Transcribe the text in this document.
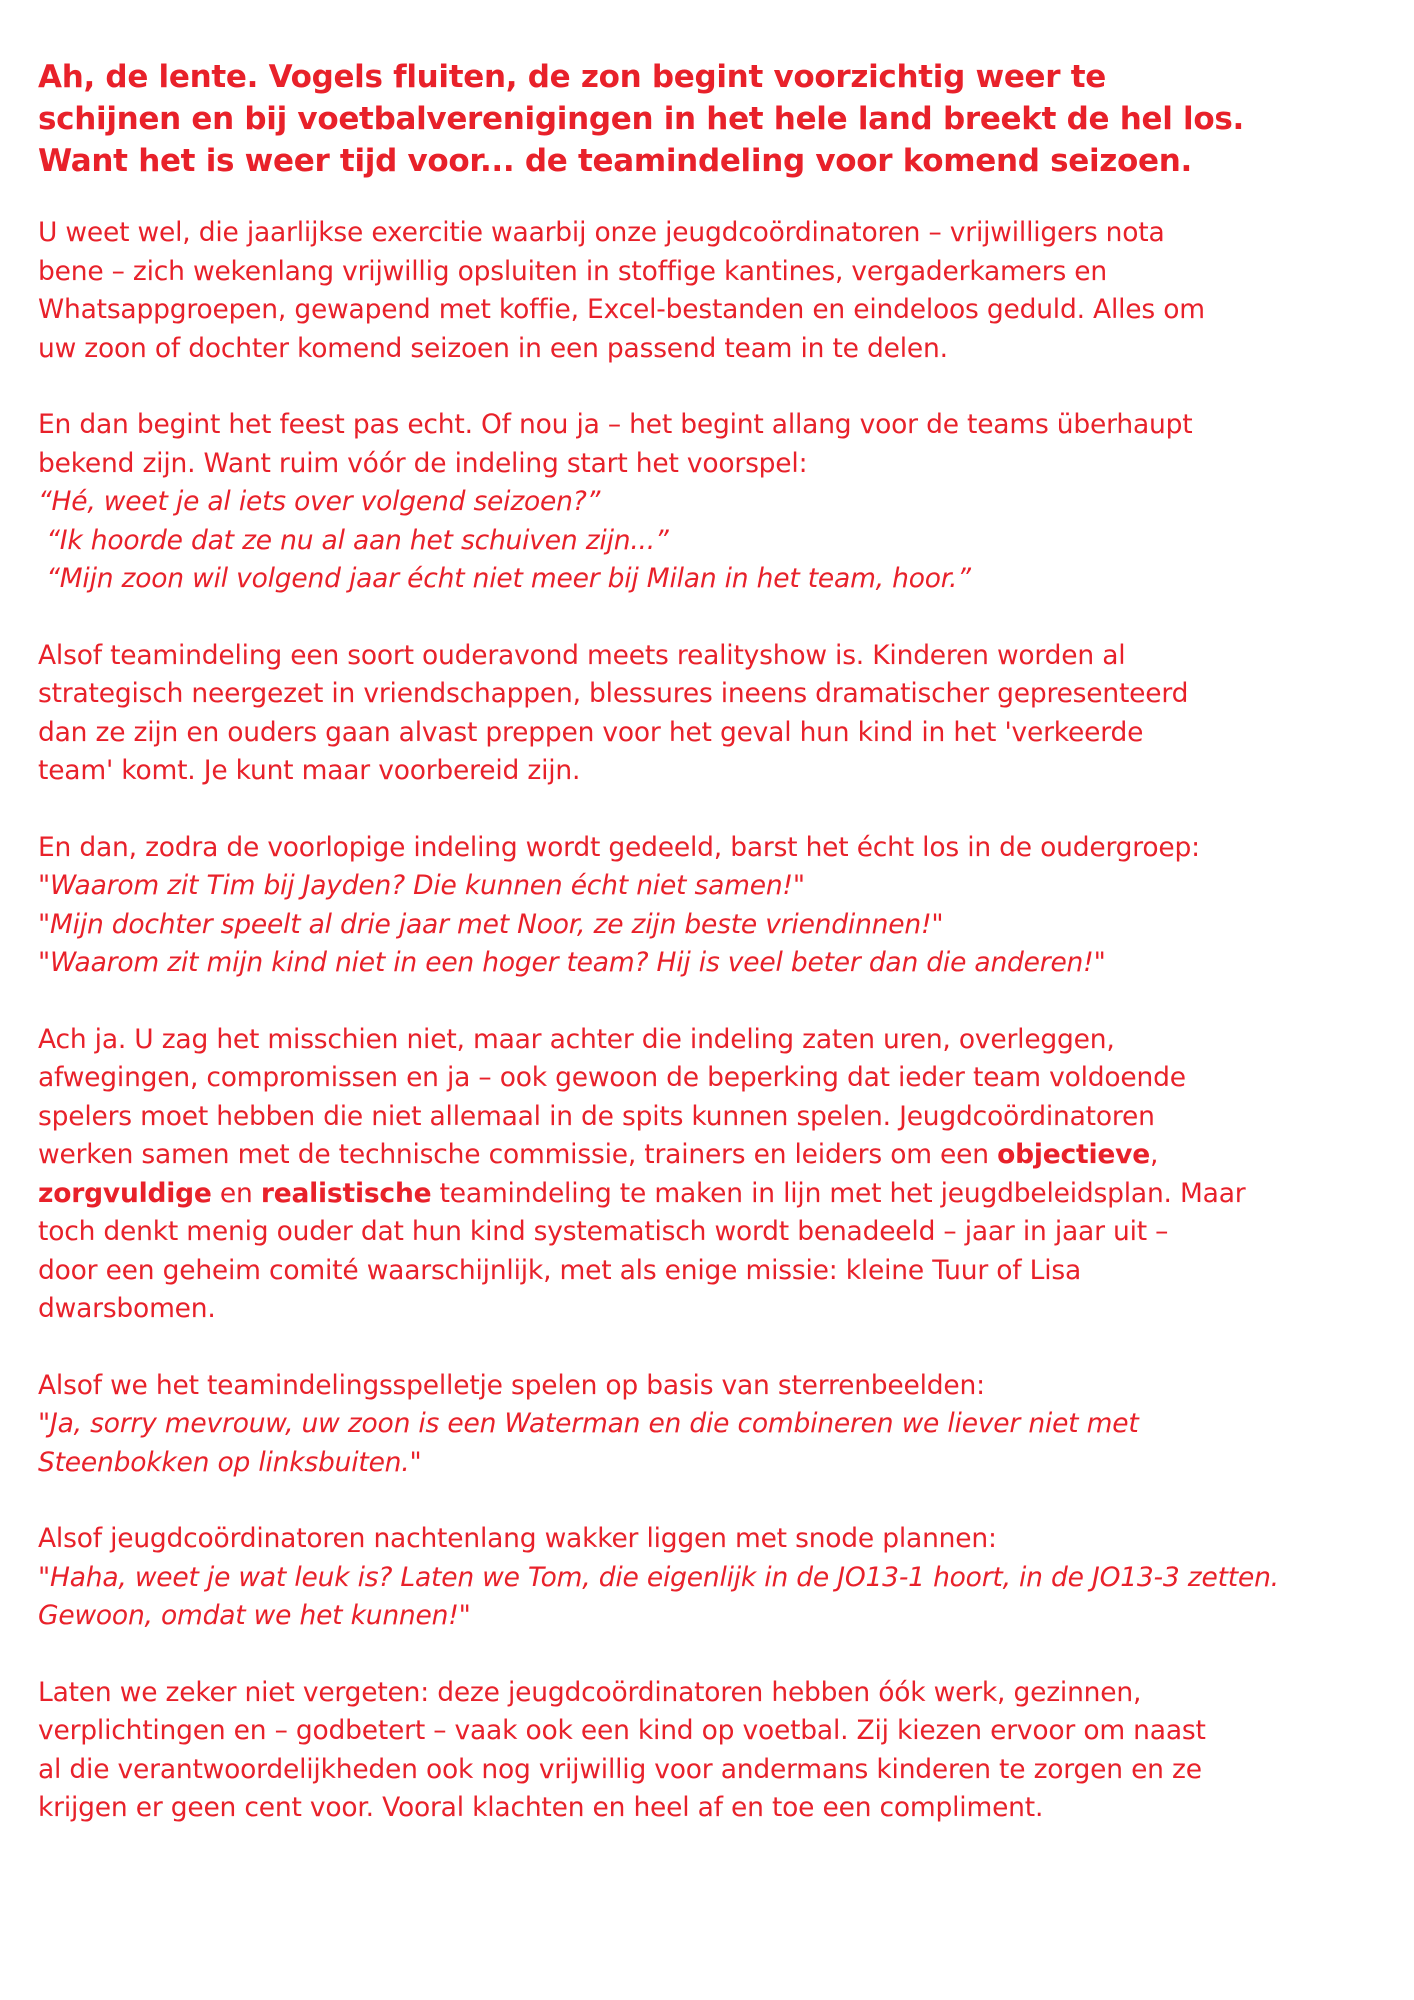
Ah, de lente. Vogels fluiten, de zon begint voorzichtig weer te
schijnen en bij voetbalverenigingen in het hele land breekt de hel los.
Want het is weer tijd voor... de teamindeling voor komend seizoen.
U weet wel, die jaarlijkse exercitie waarbij onze jeugdcoördinatoren – vrijwilligers nota
bene – zich wekenlang vrijwillig opsluiten in stoffige kantines, vergaderkamers en
Whatsappgroepen, gewapend met koffie, Excel-bestanden en eindeloos geduld. Alles om
uw zoon of dochter komend seizoen in een passend team in te delen.
En dan begint het feest pas echt. Of nou ja – het begint allang voor de teams überhaupt
bekend zijn. Want ruim vóór de indeling start het voorspel:
“Hé, weet je al iets over volgend seizoen?”
“Ik hoorde dat ze nu al aan het schuiven zijn...”
“Mijn zoon wil volgend jaar écht niet meer bij Milan in het team, hoor.”
Alsof teamindeling een soort ouderavond meets realityshow is. Kinderen worden al
strategisch neergezet in vriendschappen, blessures ineens dramatischer gepresenteerd
dan ze zijn en ouders gaan alvast preppen voor het geval hun kind in het 'verkeerde
team' komt. Je kunt maar voorbereid zijn.
En dan, zodra de voorlopige indeling wordt gedeeld, barst het écht los in de oudergroep:
"Waarom zit Tim bij Jayden? Die kunnen écht niet samen!"
"Mijn dochter speelt al drie jaar met Noor, ze zijn beste vriendinnen!"
"Waarom zit mijn kind niet in een hoger team? Hij is veel beter dan die anderen!"
Ach ja. U zag het misschien niet, maar achter die indeling zaten uren, overleggen,
afwegingen, compromissen en ja – ook gewoon de beperking dat ieder team voldoende
spelers moet hebben die niet allemaal in de spits kunnen spelen. Jeugdcoördinatoren
werken samen met de technische commissie, trainers en leiders om een objectieve,
zorgvuldige en realistische teamindeling te maken in lijn met het jeugdbeleidsplan. Maar
toch denkt menig ouder dat hun kind systematisch wordt benadeeld – jaar in jaar uit –
door een geheim comité waarschijnlijk, met als enige missie: kleine Tuur of Lisa
dwarsbomen.
Alsof we het teamindelingsspelletje spelen op basis van sterrenbeelden:
"Ja, sorry mevrouw, uw zoon is een Waterman en die combineren we liever niet met
Steenbokken op linksbuiten."
Alsof jeugdcoördinatoren nachtenlang wakker liggen met snode plannen:
"Haha, weet je wat leuk is? Laten we Tom, die eigenlijk in de JO13-1 hoort, in de JO13-3 zetten.
Gewoon, omdat we het kunnen!"
Laten we zeker niet vergeten: deze jeugdcoördinatoren hebben óók werk, gezinnen,
verplichtingen en – godbetert – vaak ook een kind op voetbal. Zij kiezen ervoor om naast
al die verantwoordelijkheden ook nog vrijwillig voor andermans kinderen te zorgen en ze
krijgen er geen cent voor. Vooral klachten en heel af en toe een compliment.
